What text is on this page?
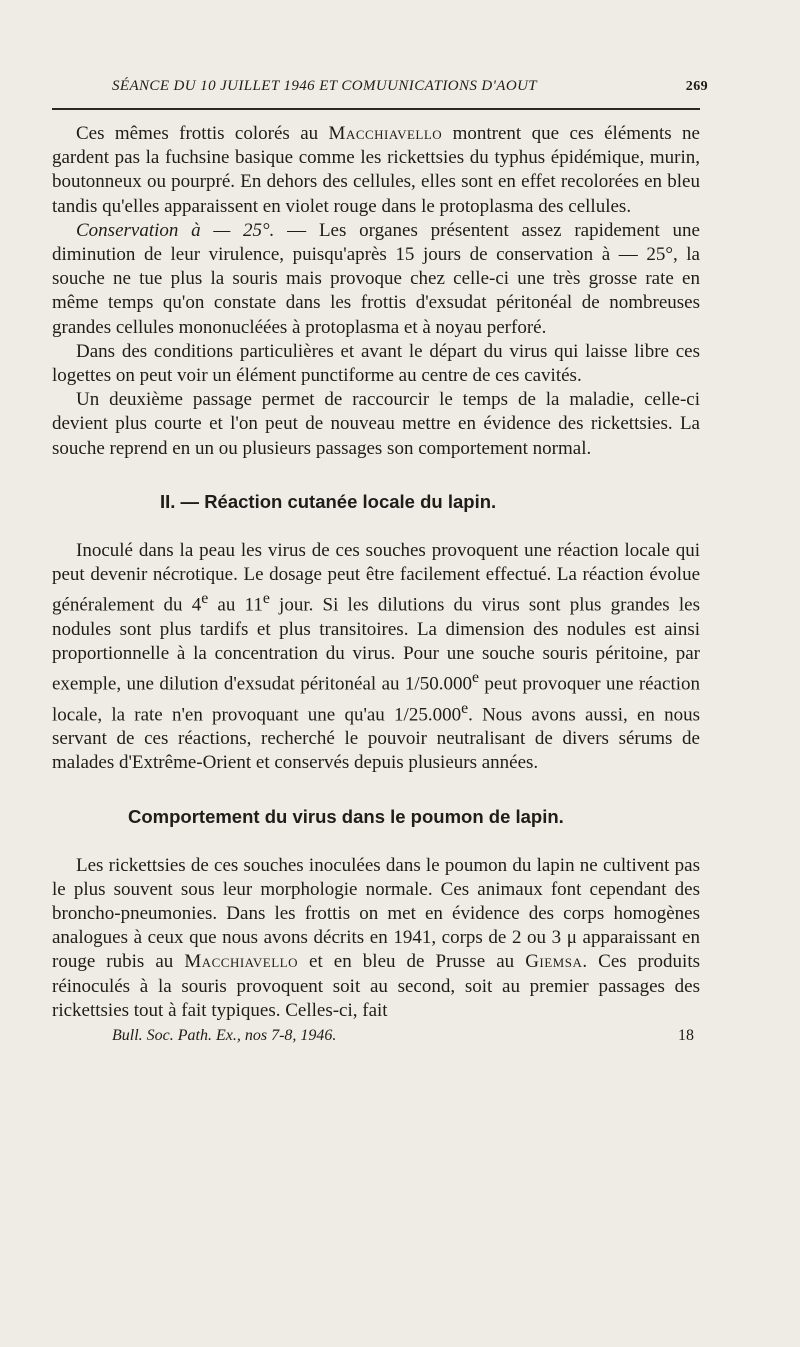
SÉANCE DU 10 JUILLET 1946 ET COMUUNICATIONS D'AOUT	269

Ces mêmes frottis colorés au Macchiavello montrent que ces éléments ne gardent pas la fuchsine basique comme les rickettsies du typhus épidémique, murin, boutonneux ou pourpré. En dehors des cellules, elles sont en effet recolorées en bleu tandis qu'elles apparaissent en violet rouge dans le protoplasma des cellules.

Conservation à — 25°. — Les organes présentent assez rapidement une diminution de leur virulence, puisqu'après 15 jours de conservation à — 25°, la souche ne tue plus la souris mais provoque chez celle-ci une très grosse rate en même temps qu'on constate dans les frottis d'exsudat péritonéal de nombreuses grandes cellules mononucléées à protoplasma et à noyau perforé.

Dans des conditions particulières et avant le départ du virus qui laisse libre ces logettes on peut voir un élément punctiforme au centre de ces cavités.

Un deuxième passage permet de raccourcir le temps de la maladie, celle-ci devient plus courte et l'on peut de nouveau mettre en évidence des rickettsies. La souche reprend en un ou plusieurs passages son comportement normal.

II. — Réaction cutanée locale du lapin.

Inoculé dans la peau les virus de ces souches provoquent une réaction locale qui peut devenir nécrotique. Le dosage peut être facilement effectué. La réaction évolue généralement du 4e au 11e jour. Si les dilutions du virus sont plus grandes les nodules sont plus tardifs et plus transitoires. La dimension des nodules est ainsi proportionnelle à la concentration du virus. Pour une souche souris péritoine, par exemple, une dilution d'exsudat péritonéal au 1/50.000e peut provoquer une réaction locale, la rate n'en provoquant une qu'au 1/25.000e. Nous avons aussi, en nous servant de ces réactions, recherché le pouvoir neutralisant de divers sérums de malades d'Extrême-Orient et conservés depuis plusieurs années.

Comportement du virus dans le poumon de lapin.

Les rickettsies de ces souches inoculées dans le poumon du lapin ne cultivent pas le plus souvent sous leur morphologie normale. Ces animaux font cependant des broncho-pneumonies. Dans les frottis on met en évidence des corps homogènes analogues à ceux que nous avons décrits en 1941, corps de 2 ou 3 μ apparaissant en rouge rubis au Macchiavello et en bleu de Prusse au Giemsa. Ces produits réinoculés à la souris provoquent soit au second, soit au premier passages des rickettsies tout à fait typiques. Celles-ci, fait

Bull. Soc. Path. Ex., nos 7-8, 1946.	18
